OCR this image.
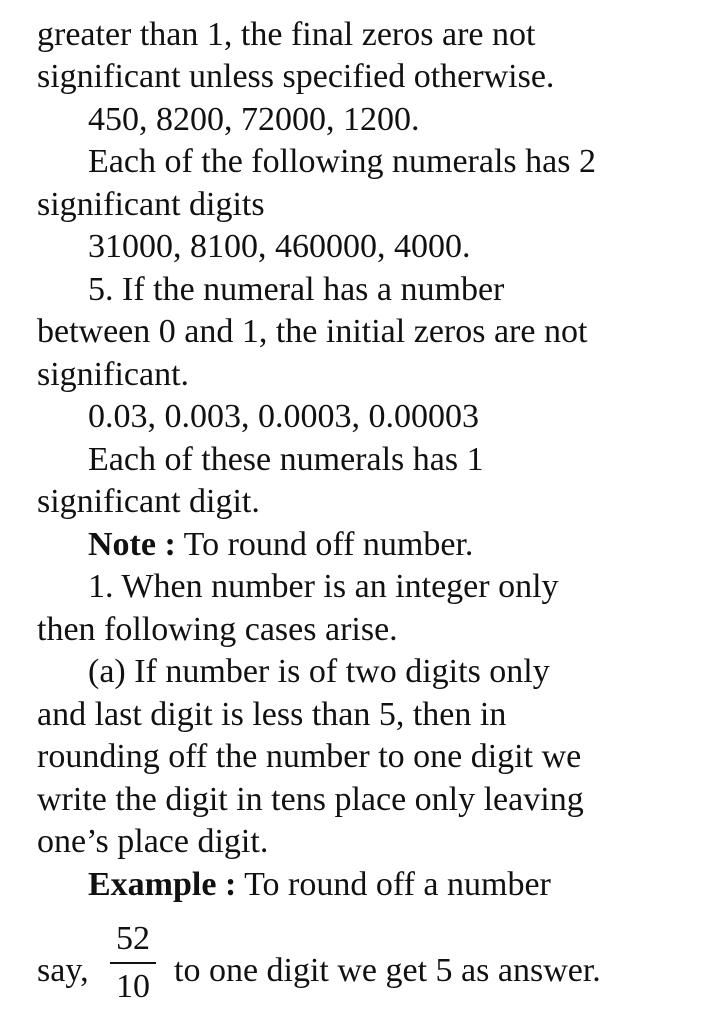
greater than 1, the final zeros are not
significant unless specified otherwise.
450, 8200, 72000, 1200.
Each of the following numerals has 2
significant digits
31000, 8100, 460000, 4000.
5. If the numeral has a number
between 0 and 1, the initial zeros are not
significant.
0.03, 0.003, 0.0003, 0.00003
Each of these numerals has 1
significant digit.
Note : To round off number.
1. When number is an integer only
then following cases arise.
(a) If number is of two digits only
and last digit is less than 5, then in
rounding off the number to one digit we
write the digit in tens place only leaving
one’s place digit.
Example : To round off a number
say,
52
10 to one digit we get 5 as answer.
